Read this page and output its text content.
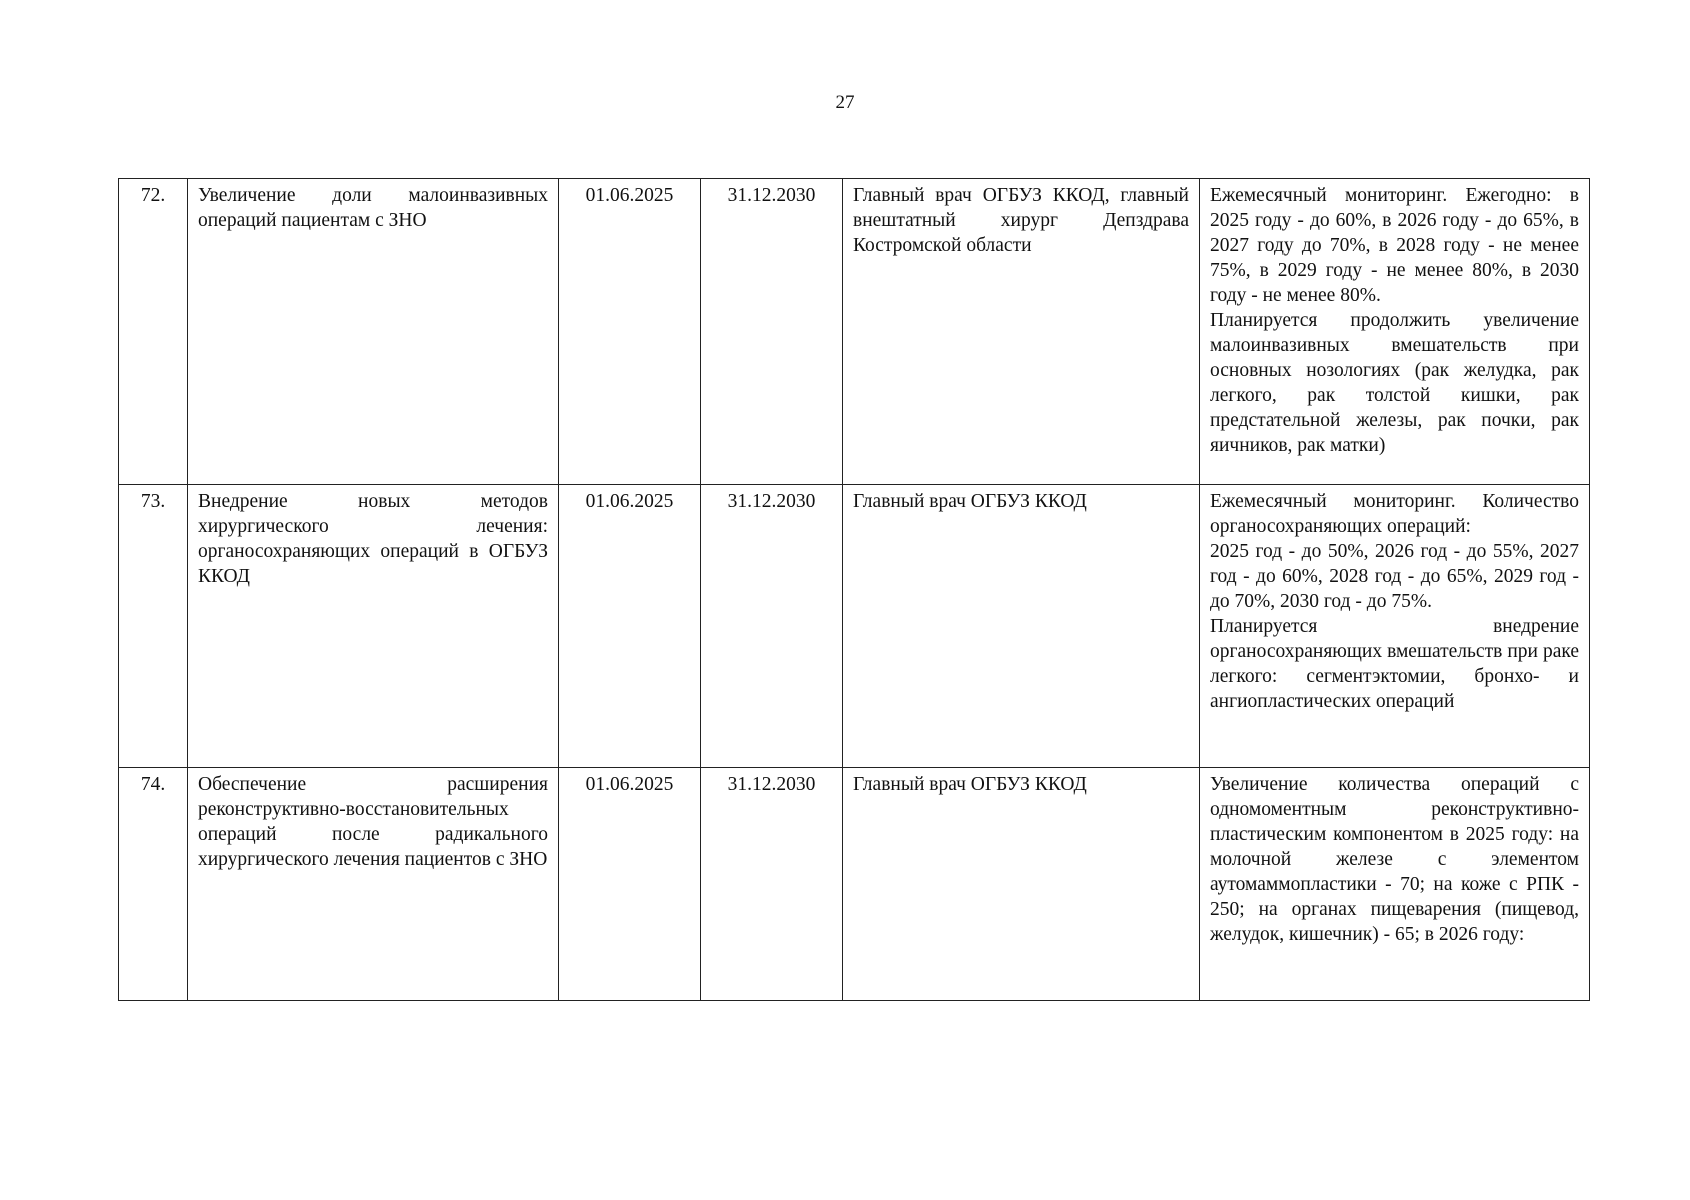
27
72.	Увеличение доли малоинвазивных операций пациентам с ЗНО	01.06.2025	31.12.2030	Главный врач ОГБУЗ ККОД, главный внештатный хирург Депздрава Костромской области	Ежемесячный мониторинг. Ежегодно: в 2025 году - до 60%, в 2026 году - до 65%, в 2027 году до 70%, в 2028 году - не менее 75%, в 2029 году - не менее 80%, в 2030 году - не менее 80%.
Планируется продолжить увеличение малоинвазивных вмешательств при основных нозологиях (рак желудка, рак легкого, рак толстой кишки, рак предстательной железы, рак почки, рак яичников, рак матки)

73.	Внедрение новых методов хирургического лечения: органосохраняющих операций в ОГБУЗ ККОД	01.06.2025	31.12.2030	Главный врач ОГБУЗ ККОД	Ежемесячный мониторинг. Количество органосохраняющих операций:
2025 год - до 50%, 2026 год - до 55%, 2027 год - до 60%, 2028 год - до 65%, 2029 год - до 70%, 2030 год - до 75%.
Планируется внедрение органосохраняющих вмешательств при раке легкого: сегментэктомии, бронхо- и ангиопластических операций

74.	Обеспечение расширения реконструктивно-восстановительных операций после радикального хирургического лечения пациентов с ЗНО	01.06.2025	31.12.2030	Главный врач ОГБУЗ ККОД	Увеличение количества операций с одномоментным реконструктивно-пластическим компонентом в 2025 году: на молочной железе с элементом аутомаммопластики - 70; на коже с РПК - 250; на органах пищеварения (пищевод, желудок, кишечник) - 65; в 2026 году:
